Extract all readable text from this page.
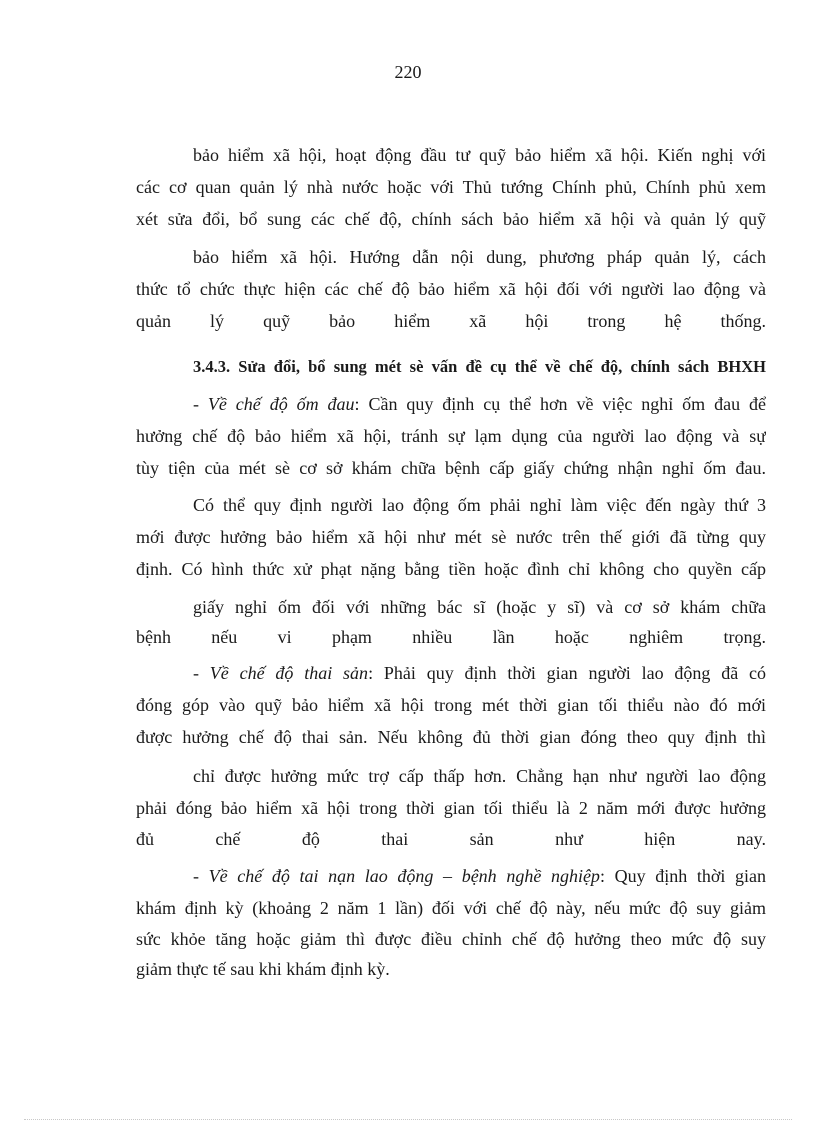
220
bảo hiểm xã hội, hoạt động đầu tư quỹ bảo hiểm xã hội. Kiến nghị với
các cơ quan quản lý nhà nước hoặc với Thủ tướng Chính phủ, Chính phủ xem
xét sửa đổi, bổ sung các chế độ, chính sách bảo hiểm xã hội và quản lý quỹ
bảo hiểm xã hội. Hướng dẫn nội dung, phương pháp quản lý, cách
thức tổ chức thực hiện các chế độ bảo hiểm xã hội đối với người lao động và
quản lý quỹ bảo hiểm xã hội trong hệ thống.
3.4.3. Sửa đổi, bổ sung mét sè vấn đề cụ thể về chế độ, chính sách BHXH
- Về chế độ ốm đau: Cần quy định cụ thể hơn về việc nghỉ ốm đau để
hưởng chế độ bảo hiểm xã hội, tránh sự lạm dụng của người lao động và sự
tùy tiện của mét sè cơ sở khám chữa bệnh cấp giấy chứng nhận nghỉ ốm đau.
Có thể quy định người lao động ốm phải nghỉ làm việc đến ngày thứ 3
mới được hưởng bảo hiểm xã hội như mét sè nước trên thế giới đã từng quy
định. Có hình thức xử phạt nặng bằng tiền hoặc đình chỉ không cho quyền cấp
giấy nghỉ ốm đối với những bác sĩ (hoặc y sĩ) và cơ sở khám chữa
bệnh nếu vi phạm nhiều lần hoặc nghiêm trọng.
- Về chế độ thai sản: Phải quy định thời gian người lao động đã có
đóng góp vào quỹ bảo hiểm xã hội trong mét thời gian tối thiểu nào đó mới
được hưởng chế độ thai sản. Nếu không đủ thời gian đóng theo quy định thì
chỉ được hưởng mức trợ cấp thấp hơn. Chẳng hạn như người lao động
phải đóng bảo hiểm xã hội trong thời gian tối thiểu là 2 năm mới được hưởng
đủ chế độ thai sản như hiện nay.
- Về chế độ tai nạn lao động – bệnh nghề nghiệp: Quy định thời gian
khám định kỳ (khoảng 2 năm 1 lần) đối với chế độ này, nếu mức độ suy giảm
sức khỏe tăng hoặc giảm thì được điều chỉnh chế độ hưởng theo mức độ suy
giảm thực tế sau khi khám định kỳ.
